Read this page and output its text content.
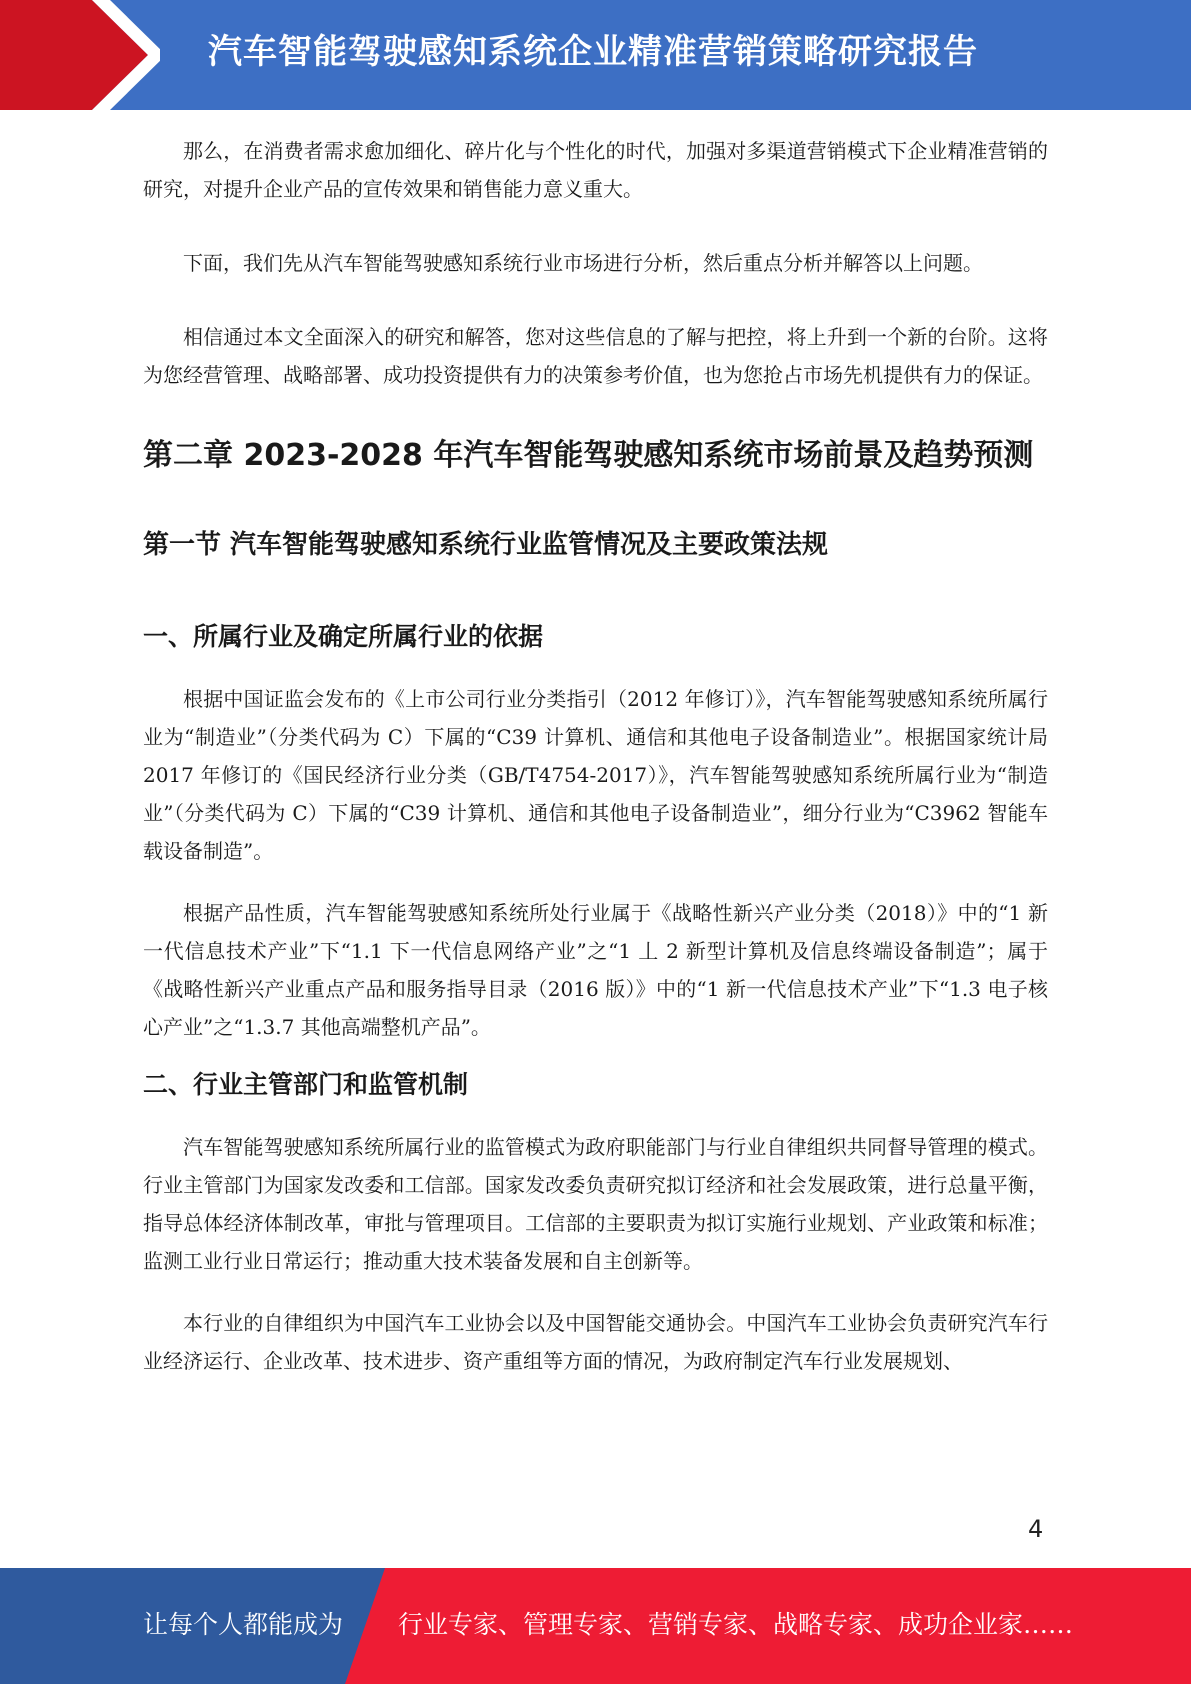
汽车智能驾驶感知系统企业精准营销策略研究报告

那么，在消费者需求愈加细化、碎片化与个性化的时代，加强对多渠道营销模式下企业精准营销的研究，对提升企业产品的宣传效果和销售能力意义重大。

下面，我们先从汽车智能驾驶感知系统行业市场进行分析，然后重点分析并解答以上问题。

相信通过本文全面深入的研究和解答，您对这些信息的了解与把控，将上升到一个新的台阶。这将为您经营管理、战略部署、成功投资提供有力的决策参考价值，也为您抢占市场先机提供有力的保证。

第二章 2023-2028 年汽车智能驾驶感知系统市场前景及趋势预测
第一节 汽车智能驾驶感知系统行业监管情况及主要政策法规
一、所属行业及确定所属行业的依据

根据中国证监会发布的《上市公司行业分类指引（2012 年修订）》，汽车智能驾驶感知系统所属行业为“制造业”（分类代码为 C）下属的“C39 计算机、通信和其他电子设备制造业”。根据国家统计局 2017 年修订的《国民经济行业分类（GB/T4754-2017）》，汽车智能驾驶感知系统所属行业为“制造业”（分类代码为 C）下属的“C39 计算机、通信和其他电子设备制造业”，细分行业为“C3962 智能车载设备制造”。

根据产品性质，汽车智能驾驶感知系统所处行业属于《战略性新兴产业分类（2018）》中的“1 新一代信息技术产业”下“1.1 下一代信息网络产业”之“1 丄 2 新型计算机及信息终端设备制造”；属于《战略性新兴产业重点产品和服务指导目录（2016 版）》中的“1 新一代信息技术产业”下“1.3 电子核心产业”之“1.3.7 其他高端整机产品”。

二、行业主管部门和监管机制

汽车智能驾驶感知系统所属行业的监管模式为政府职能部门与行业自律组织共同督导管理的模式。行业主管部门为国家发改委和工信部。国家发改委负责研究拟订经济和社会发展政策，进行总量平衡，指导总体经济体制改革，审批与管理项目。工信部的主要职责为拟订实施行业规划、产业政策和标准；监测工业行业日常运行；推动重大技术装备发展和自主创新等。

本行业的自律组织为中国汽车工业协会以及中国智能交通协会。中国汽车工业协会负责研究汽车行业经济运行、企业改革、技术进步、资产重组等方面的情况，为政府制定汽车行业发展规划、

4
让每个人都能成为 行业专家、管理专家、营销专家、战略专家、成功企业家……
